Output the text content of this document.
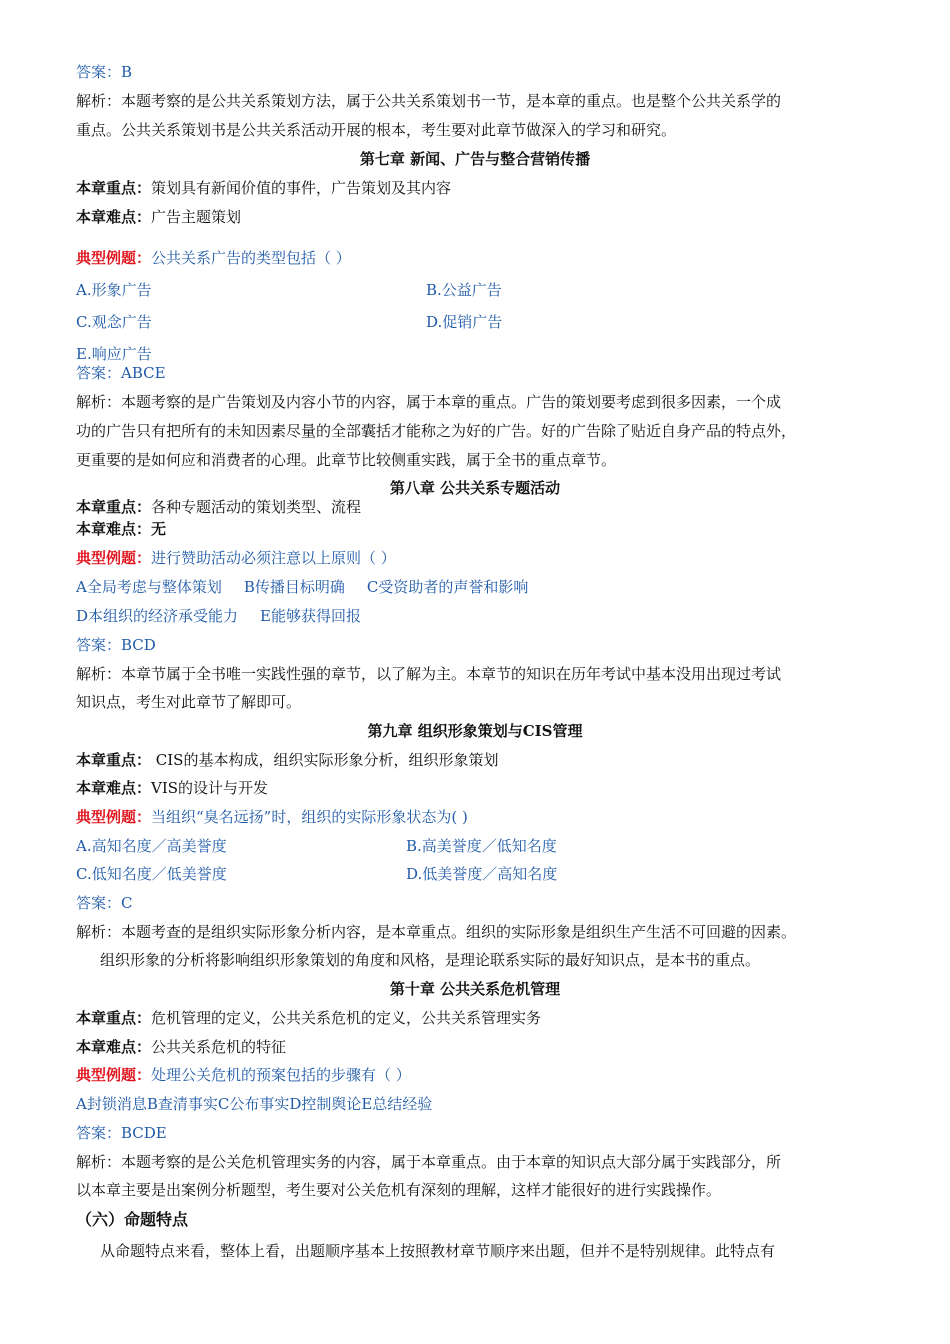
答案：B
解析：本题考察的是公共关系策划方法，属于公共关系策划书一节，是本章的重点。也是整个公共关系学的
重点。公共关系策划书是公共关系活动开展的根本，考生要对此章节做深入的学习和研究。
第七章 新闻、广告与整合营销传播
本章重点：策划具有新闻价值的事件，广告策划及其内容
本章难点：广告主题策划
典型例题：公共关系广告的类型包括（ ）
A.形象广告	B.公益广告
C.观念广告	D.促销广告
E.响应广告
答案：ABCE
解析：本题考察的是广告策划及内容小节的内容，属于本章的重点。广告的策划要考虑到很多因素，一个成
功的广告只有把所有的未知因素尽量的全部囊括才能称之为好的广告。好的广告除了贴近自身产品的特点外，
更重要的是如何应和消费者的心理。此章节比较侧重实践，属于全书的重点章节。
第八章 公共关系专题活动
本章重点：各种专题活动的策划类型、流程
本章难点：无
典型例题：进行赞助活动必须注意以上原则（ ）
A全局考虑与整体策划 B传播目标明确 C受资助者的声誉和影响
D本组织的经济承受能力 E能够获得回报
答案：BCD
解析：本章节属于全书唯一实践性强的章节，以了解为主。本章节的知识在历年考试中基本没用出现过考试
知识点，考生对此章节了解即可。
第九章 组织形象策划与CIS管理
本章重点： CIS的基本构成，组织实际形象分析，组织形象策划
本章难点：VIS的设计与开发
典型例题：当组织“臭名远扬”时，组织的实际形象状态为( )
A.高知名度／高美誉度	B.高美誉度／低知名度
C.低知名度／低美誉度	D.低美誉度／高知名度
答案：C
解析：本题考查的是组织实际形象分析内容，是本章重点。组织的实际形象是组织生产生活不可回避的因素。
组织形象的分析将影响组织形象策划的角度和风格，是理论联系实际的最好知识点，是本书的重点。
第十章 公共关系危机管理
本章重点：危机管理的定义，公共关系危机的定义，公共关系管理实务
本章难点：公共关系危机的特征
典型例题：处理公关危机的预案包括的步骤有（ ）
A封锁消息B查清事实C公布事实D控制舆论E总结经验
答案：BCDE
解析：本题考察的是公关危机管理实务的内容，属于本章重点。由于本章的知识点大部分属于实践部分，所
以本章主要是出案例分析题型，考生要对公关危机有深刻的理解，这样才能很好的进行实践操作。
（六）命题特点
从命题特点来看，整体上看，出题顺序基本上按照教材章节顺序来出题，但并不是特别规律。此特点有
